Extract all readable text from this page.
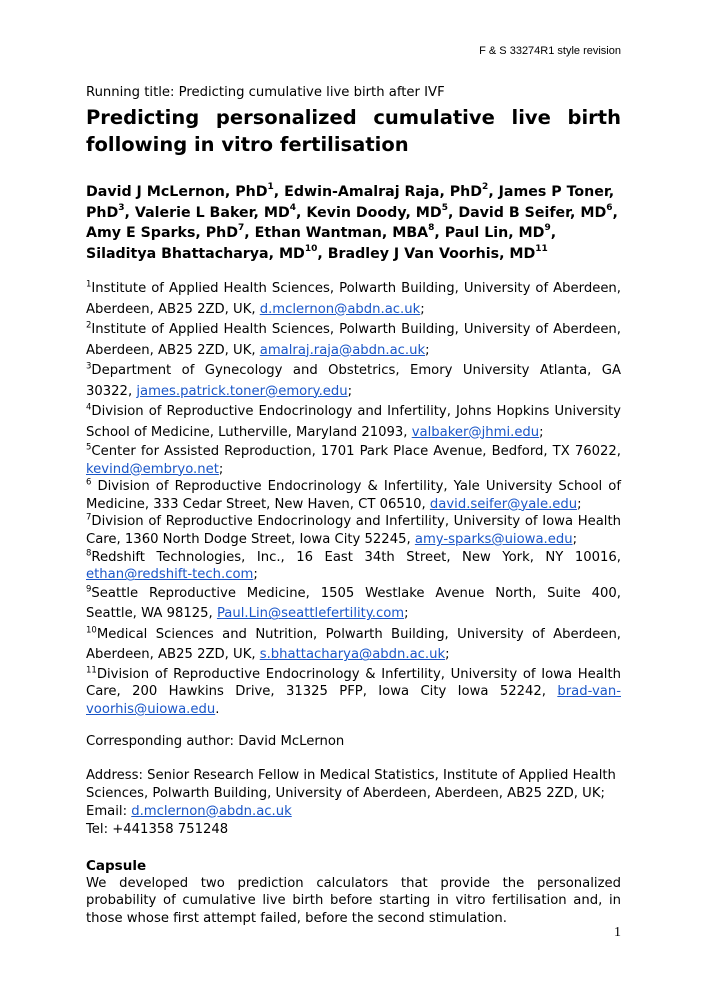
F & S 33274R1 style revision

Running title: Predicting cumulative live birth after IVF

Predicting personalized cumulative live birth following in vitro fertilisation
David J McLernon, PhD$^1$, Edwin-Amalraj Raja, PhD$^2$, James P Toner, PhD$^3$, Valerie L Baker, $MD^4$, Kevin Doody, $MD^5$, David B Seifer, $MD^6$, Amy E Sparks, PhD$^7$, Ethan Wantman, MBA$^8$, Paul Lin, $MD^9$, Siladitya Bhattacharya, MD$^{10}$, Bradley J Van Voorhis, MD$^{11}$

$^1$Institute of Applied Health Sciences, Polwarth Building, University of Aberdeen, Aberdeen, AB25 2ZD, UK, d.mclernon@abdn.ac.uk;

$^2$Institute of Applied Health Sciences, Polwarth Building, University of Aberdeen, Aberdeen, AB25 2ZD, UK, amalraj.raja@abdn.ac.uk;

$^3$Department of Gynecology and Obstetrics, Emory University Atlanta, GA 30322, james.patrick.toner@emory.edu;

$^4$Division of Reproductive Endocrinology and Infertility, Johns Hopkins University School of Medicine, Lutherville, Maryland 21093, valbaker@jhmi.edu;

$^5$Center for Assisted Reproduction, 1701 Park Place Avenue, Bedford, TX 76022, kevind@embryo.net;

$^6$ Division of Reproductive Endocrinology & Infertility, Yale University School of Medicine, 333 Cedar Street, New Haven, CT 06510, david.seifer@yale.edu;

$^7$Division of Reproductive Endocrinology and Infertility, University of Iowa Health Care, 1360 North Dodge Street, Iowa City 52245, amy-sparks@uiowa.edu;

$^8$Redshift Technologies, Inc., 16 East 34th Street, New York, NY 10016, ethan@redshift-tech.com;

$^9$Seattle Reproductive Medicine, 1505 Westlake Avenue North, Suite 400, Seattle, WA 98125, Paul.Lin@seattlefertility.com;

$^{10}$Medical Sciences and Nutrition, Polwarth Building, University of Aberdeen, Aberdeen, AB25 2ZD, UK, s.bhattacharya@abdn.ac.uk;

$^{11}$Division of Reproductive Endocrinology & Infertility, University of Iowa Health Care, 200 Hawkins Drive, 31325 PFP, Iowa City Iowa 52242, brad-van-voorhis@uiowa.edu.

Corresponding author: David McLernon

Address: Senior Research Fellow in Medical Statistics, Institute of Applied Health Sciences, Polwarth Building, University of Aberdeen, Aberdeen, AB25 2ZD, UK;

Email: d.mclernon@abdn.ac.uk

Tel: +441358 751248

Capsule

We developed two prediction calculators that provide the personalized probability of cumulative live birth before starting in vitro fertilisation and, in those whose first attempt failed, before the second stimulation.

1
